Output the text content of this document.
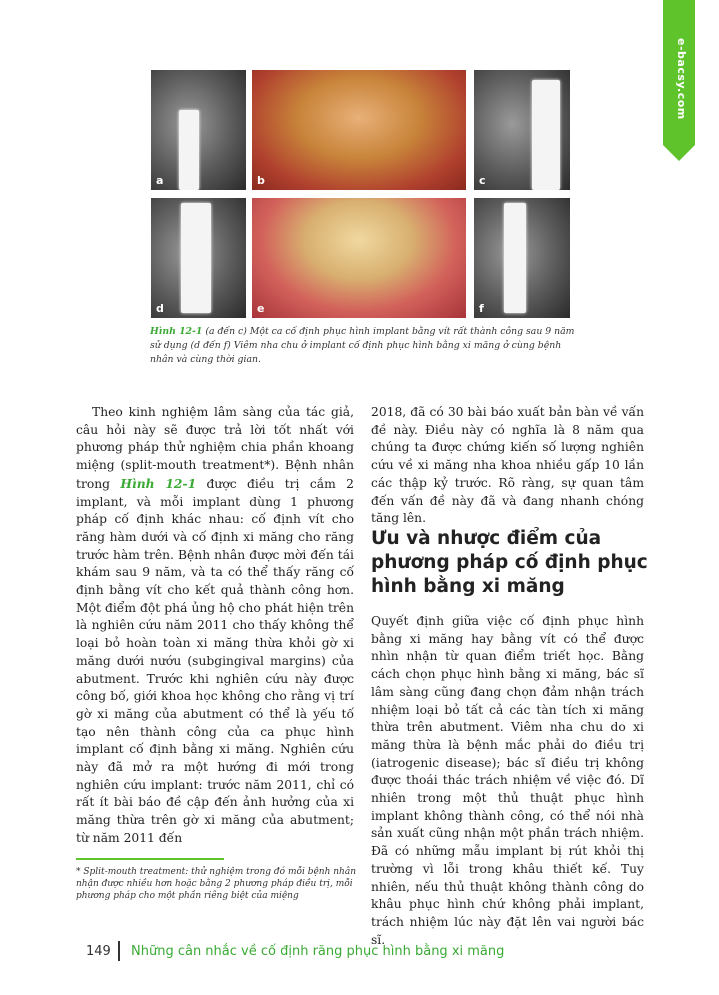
e-bacsy.com
a	b	c
d	e	f
Hình 12-1 (a đến c) Một ca cố định phục hình implant bằng vít rất thành công sau 9 năm sử dụng (d đến f) Viêm nha chu ở implant cố định phục hình bằng xi măng ở cùng bệnh nhân và cùng thời gian.

Theo kinh nghiệm lâm sàng của tác giả, câu hỏi này sẽ được trả lời tốt nhất với phương pháp thử nghiệm chia phần khoang miệng (split-mouth treatment*). Bệnh nhân trong Hình 12-1 được điều trị cắm 2 implant, và mỗi implant dùng 1 phương pháp cố định khác nhau: cố định vít cho răng hàm dưới và cố định xi măng cho răng trước hàm trên. Bệnh nhân được mời đến tái khám sau 9 năm, và ta có thể thấy răng cố định bằng vít cho kết quả thành công hơn. Một điểm đột phá ủng hộ cho phát hiện trên là nghiên cứu năm 2011 cho thấy không thể loại bỏ hoàn toàn xi măng thừa khỏi gờ xi măng dưới nướu (subgingival margins) của abutment. Trước khi nghiên cứu này được công bố, giới khoa học không cho rằng vị trí gờ xi măng của abutment có thể là yếu tố tạo nên thành công của ca phục hình implant cố định bằng xi măng. Nghiên cứu này đã mở ra một hướng đi mới trong nghiên cứu implant: trước năm 2011, chỉ có rất ít bài báo đề cập đến ảnh hưởng của xi măng thừa trên gờ xi măng của abutment; từ năm 2011 đến

2018, đã có 30 bài báo xuất bản bàn về vấn đề này. Điều này có nghĩa là 8 năm qua chúng ta được chứng kiến số lượng nghiên cứu về xi măng nha khoa nhiều gấp 10 lần các thập kỷ trước. Rõ ràng, sự quan tâm đến vấn đề này đã và đang nhanh chóng tăng lên.

Ưu và nhược điểm của phương pháp cố định phục hình bằng xi măng

Quyết định giữa việc cố định phục hình bằng xi măng hay bằng vít có thể được nhìn nhận từ quan điểm triết học. Bằng cách chọn phục hình bằng xi măng, bác sĩ lâm sàng cũng đang chọn đảm nhận trách nhiệm loại bỏ tất cả các tàn tích xi măng thừa trên abutment. Viêm nha chu do xi măng thừa là bệnh mắc phải do điều trị (iatrogenic disease); bác sĩ điều trị không được thoái thác trách nhiệm về việc đó. Dĩ nhiên trong một thủ thuật phục hình implant không thành công, có thể nói nhà sản xuất cũng nhận một phần trách nhiệm. Đã có những mẫu implant bị rút khỏi thị trường vì lỗi trong khâu thiết kế. Tuy nhiên, nếu thủ thuật không thành công do khâu phục hình chứ không phải implant, trách nhiệm lúc này đặt lên vai người bác sĩ.

* Split-mouth treatment: thử nghiệm trong đó mỗi bệnh nhân nhận được nhiều hơn hoặc bằng 2 phương pháp điều trị, mỗi phương pháp cho một phần riêng biệt của miệng
149 Những cân nhắc về cố định răng phục hình bằng xi măng
